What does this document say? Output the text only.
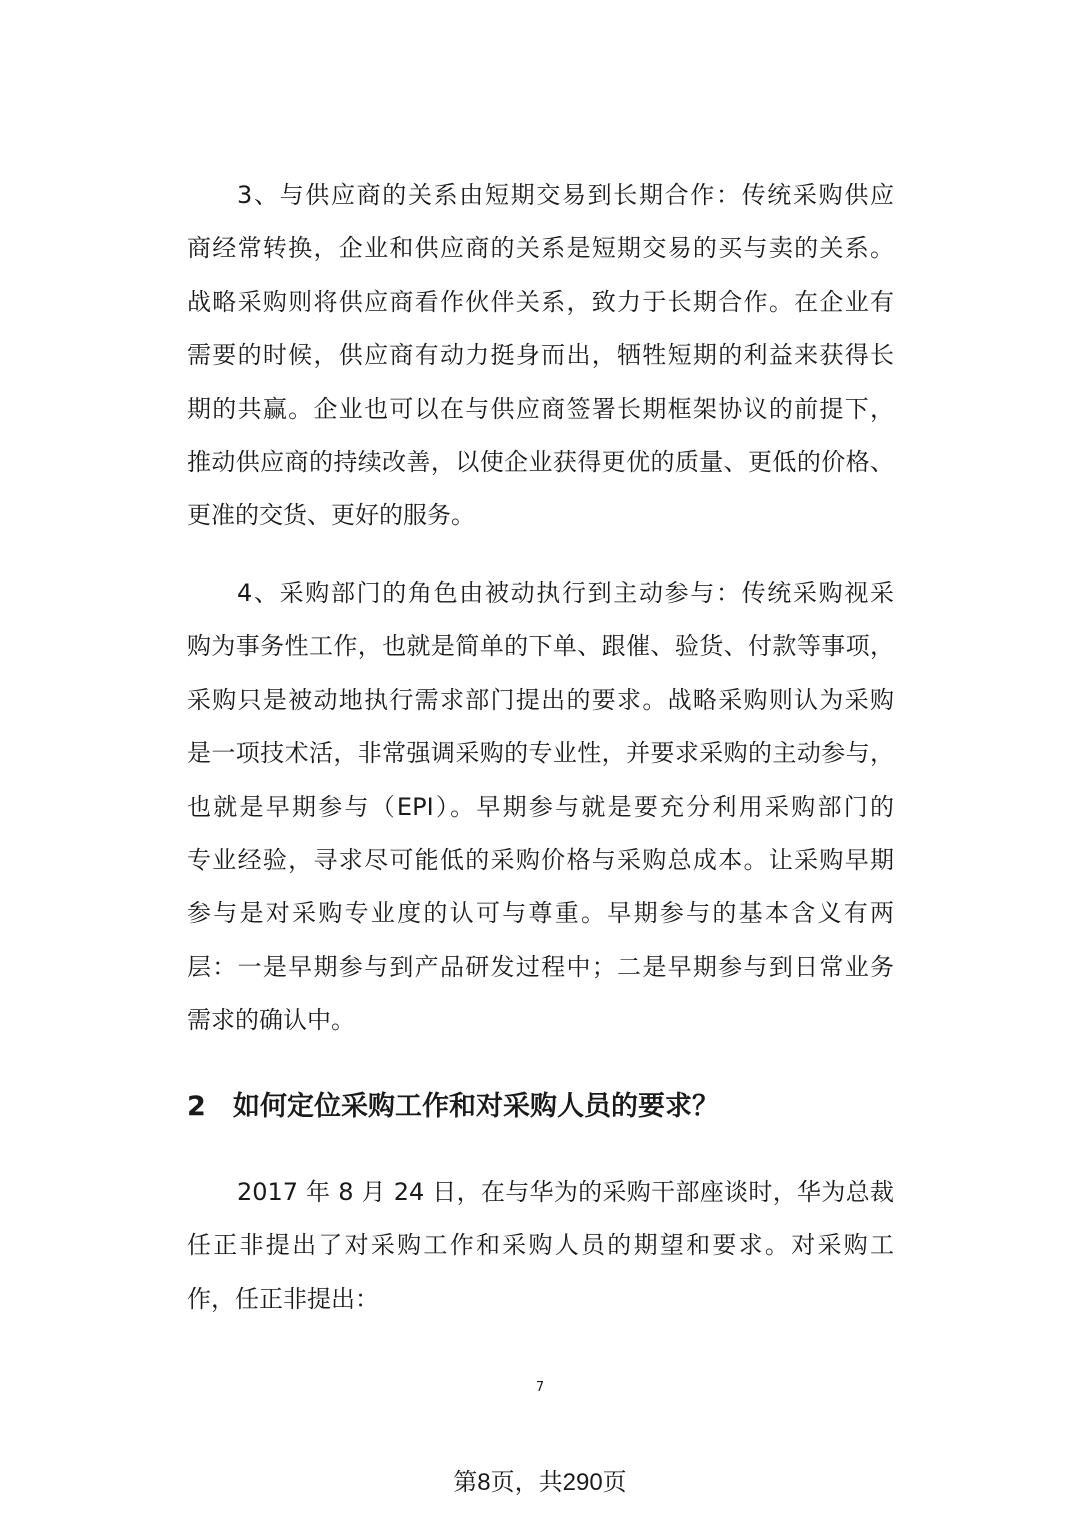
3、与供应商的关系由短期交易到长期合作：传统采购供应
商经常转换，企业和供应商的关系是短期交易的买与卖的关系。
战略采购则将供应商看作伙伴关系，致力于长期合作。在企业有
需要的时候，供应商有动力挺身而出，牺牲短期的利益来获得长
期的共赢。企业也可以在与供应商签署长期框架协议的前提下，
推动供应商的持续改善，以使企业获得更优的质量、更低的价格、
更准的交货、更好的服务。
4、采购部门的角色由被动执行到主动参与：传统采购视采
购为事务性工作，也就是简单的下单、跟催、验货、付款等事项，
采购只是被动地执行需求部门提出的要求。战略采购则认为采购
是一项技术活，非常强调采购的专业性，并要求采购的主动参与，
也就是早期参与（EPI）。早期参与就是要充分利用采购部门的
专业经验，寻求尽可能低的采购价格与采购总成本。让采购早期
参与是对采购专业度的认可与尊重。早期参与的基本含义有两
层：一是早期参与到产品研发过程中；二是早期参与到日常业务
需求的确认中。
2017 年 8 月 24 日，在与华为的采购干部座谈时，华为总裁
任正非提出了对采购工作和采购人员的期望和要求。对采购工
作，任正非提出：
2 如何定位采购工作和对采购人员的要求？
7
第8页，共290页
